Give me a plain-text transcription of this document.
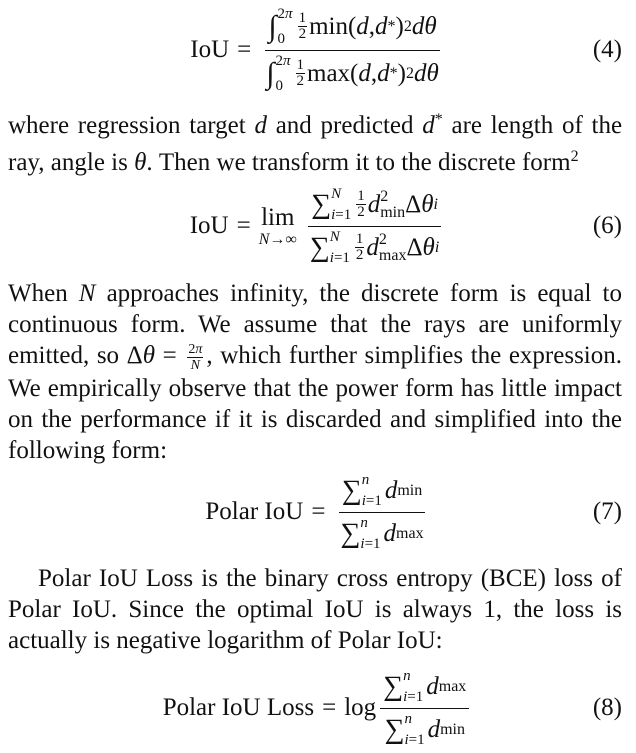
IoU = ∫ 2π
0
1
2 min ( d , d * ) 2 dθ
∫ 2π
0
1
2 max ( d , d * ) 2 dθ	(4)

where regression target d and predicted d* are length of the ray, angle is θ. Then we transform it to the discrete form$^2$

IoU = lim
N→∞ ∑ N
i=1
1
2 d 2
min Δ θ i
∑ N
i=1
1
2 d 2
max Δ θ i	(6)

When N approaches infinity, the discrete form is equal to continuous form. We assume that the rays are uniformly emitted, so $\Delta\theta = \frac{2\pi}{N}$ , which further simplifies the expression. We empirically observe that the power form has little impact on the performance if it is discarded and simplified into the following form:

Polar IoU = ∑ n
i=1 d min
∑ n
i=1 d max	(7)

Polar IoU Loss is the binary cross entropy (BCE) loss of Polar IoU. Since the optimal IoU is always 1, the loss is actually is negative logarithm of Polar IoU:

Polar IoU Loss = log ∑ n
i=1 d max
∑ n
i=1 d min	(8)
